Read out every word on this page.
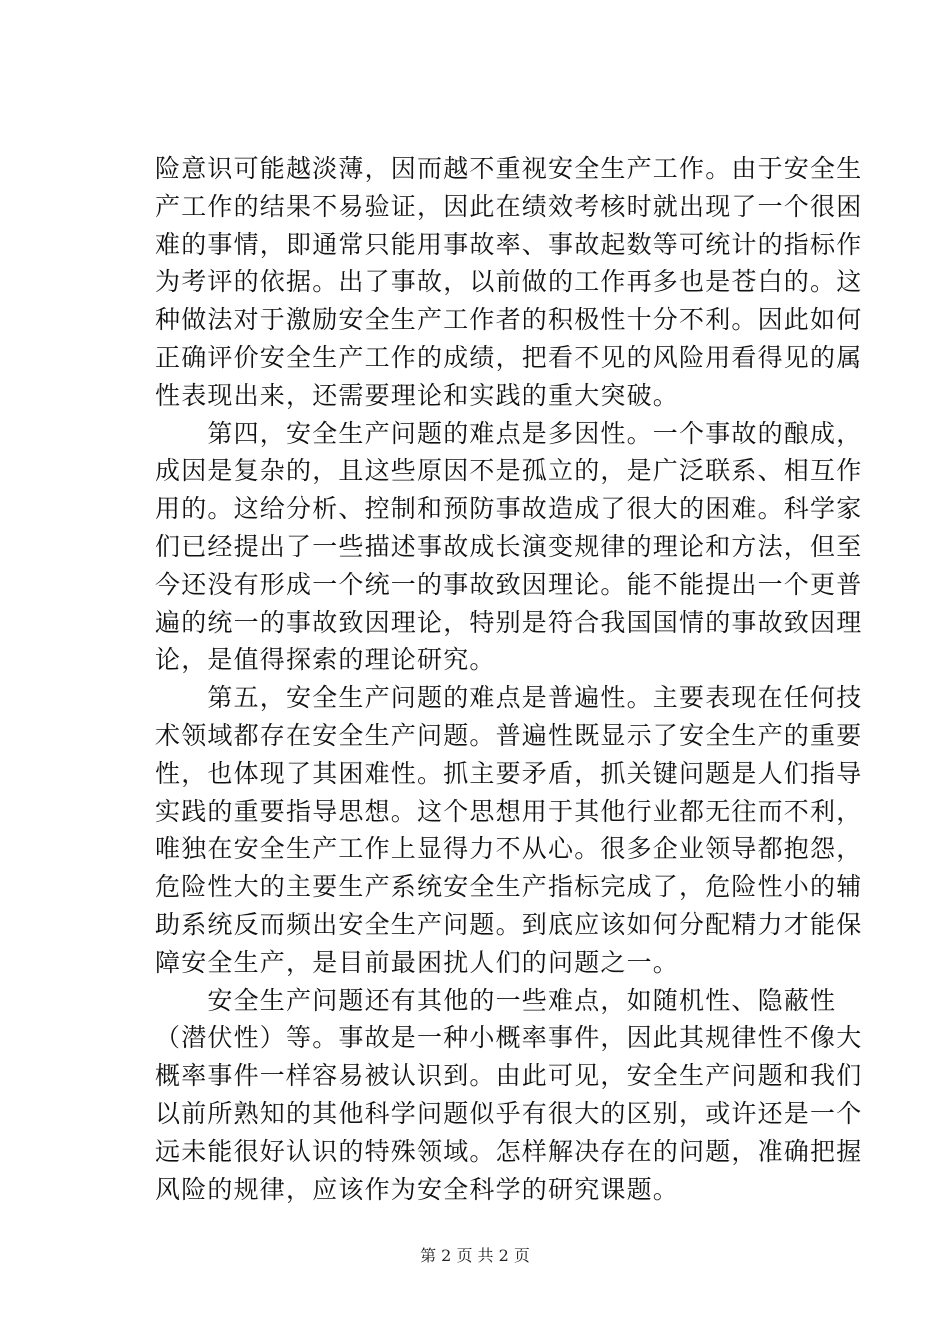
险意识可能越淡薄，因而越不重视安全生产工作。由于安全生
产工作的结果不易验证，因此在绩效考核时就出现了一个很困
难的事情，即通常只能用事故率、事故起数等可统计的指标作
为考评的依据。出了事故，以前做的工作再多也是苍白的。这
种做法对于激励安全生产工作者的积极性十分不利。因此如何
正确评价安全生产工作的成绩，把看不见的风险用看得见的属
性表现出来，还需要理论和实践的重大突破。
　　第四，安全生产问题的难点是多因性。一个事故的酿成，
成因是复杂的，且这些原因不是孤立的，是广泛联系、相互作
用的。这给分析、控制和预防事故造成了很大的困难。科学家
们已经提出了一些描述事故成长演变规律的理论和方法，但至
今还没有形成一个统一的事故致因理论。能不能提出一个更普
遍的统一的事故致因理论，特别是符合我国国情的事故致因理
论，是值得探索的理论研究。
　　第五，安全生产问题的难点是普遍性。主要表现在任何技
术领域都存在安全生产问题。普遍性既显示了安全生产的重要
性，也体现了其困难性。抓主要矛盾，抓关键问题是人们指导
实践的重要指导思想。这个思想用于其他行业都无往而不利，
唯独在安全生产工作上显得力不从心。很多企业领导都抱怨，
危险性大的主要生产系统安全生产指标完成了，危险性小的辅
助系统反而频出安全生产问题。到底应该如何分配精力才能保
障安全生产，是目前最困扰人们的问题之一。
　　安全生产问题还有其他的一些难点，如随机性、隐蔽性
（潜伏性）等。事故是一种小概率事件，因此其规律性不像大
概率事件一样容易被认识到。由此可见，安全生产问题和我们
以前所熟知的其他科学问题似乎有很大的区别，或许还是一个
远未能很好认识的特殊领域。怎样解决存在的问题，准确把握
风险的规律，应该作为安全科学的研究课题。
第 2 页 共 2 页
